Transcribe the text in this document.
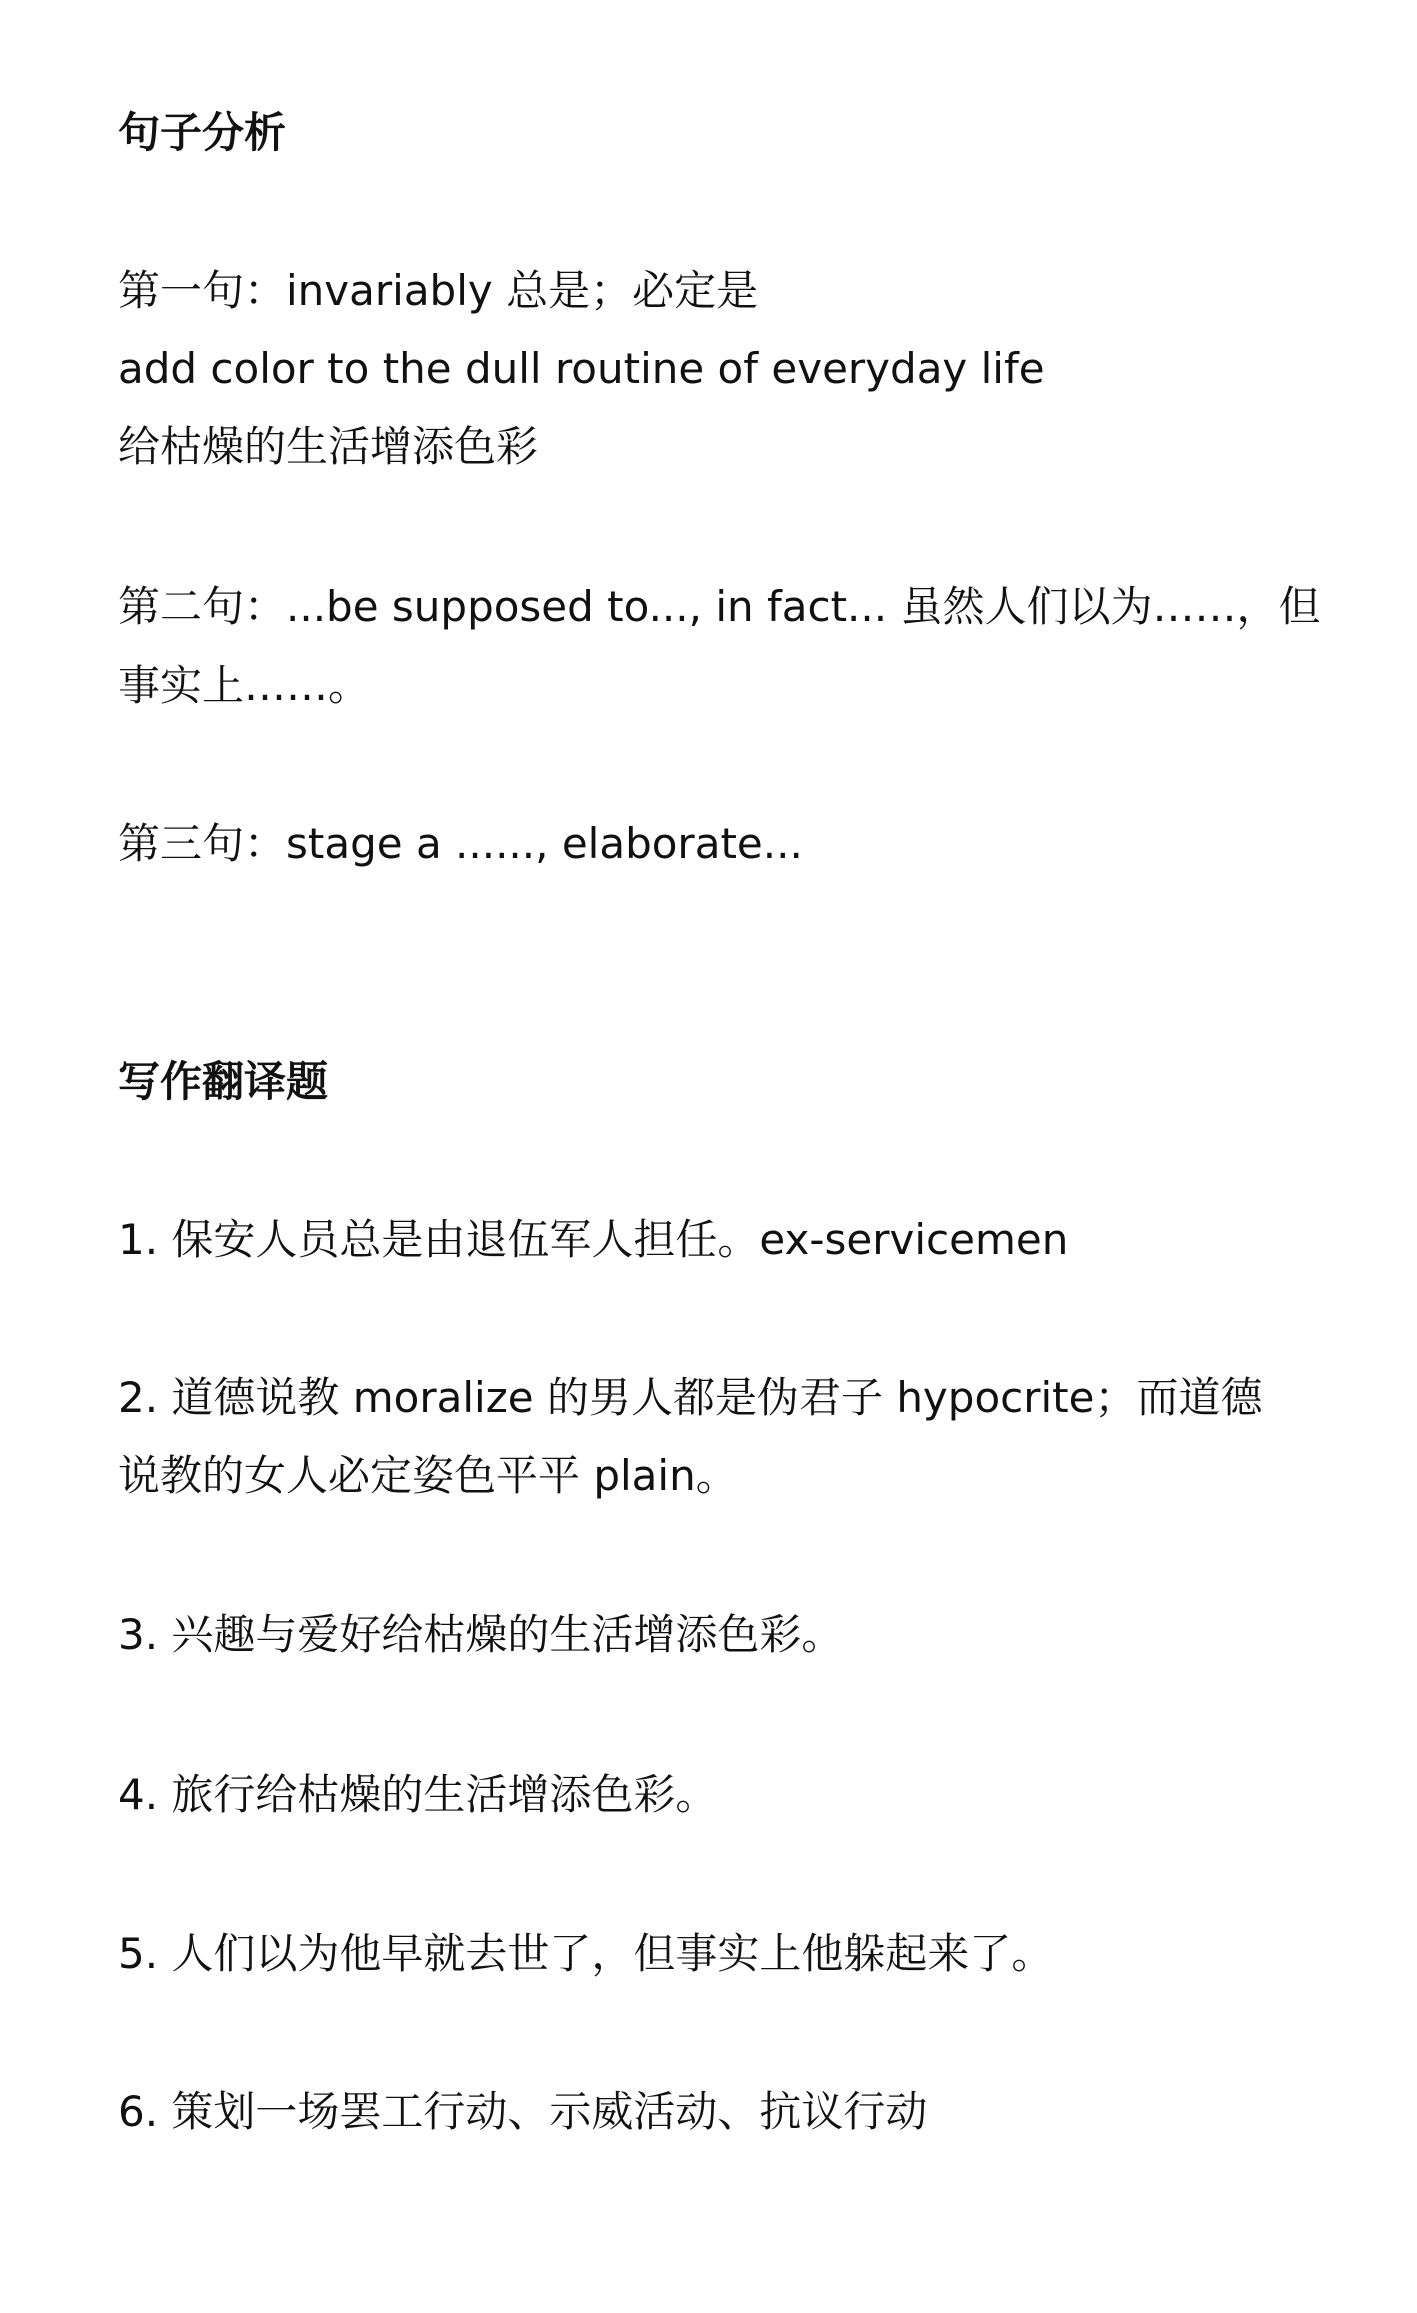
句子分析
第一句：invariably 总是；必定是
add color to the dull routine of everyday life
给枯燥的生活增添色彩
第二句：...be supposed to..., in fact... 虽然人们以为……，但
事实上……。
第三句：stage a ......, elaborate...
写作翻译题
1. 保安人员总是由退伍军人担任。ex-servicemen
2. 道德说教 moralize 的男人都是伪君子 hypocrite；而道德
说教的女人必定姿色平平 plain。
3. 兴趣与爱好给枯燥的生活增添色彩。
4. 旅行给枯燥的生活增添色彩。
5. 人们以为他早就去世了，但事实上他躲起来了。
6. 策划一场罢工行动、示威活动、抗议行动
